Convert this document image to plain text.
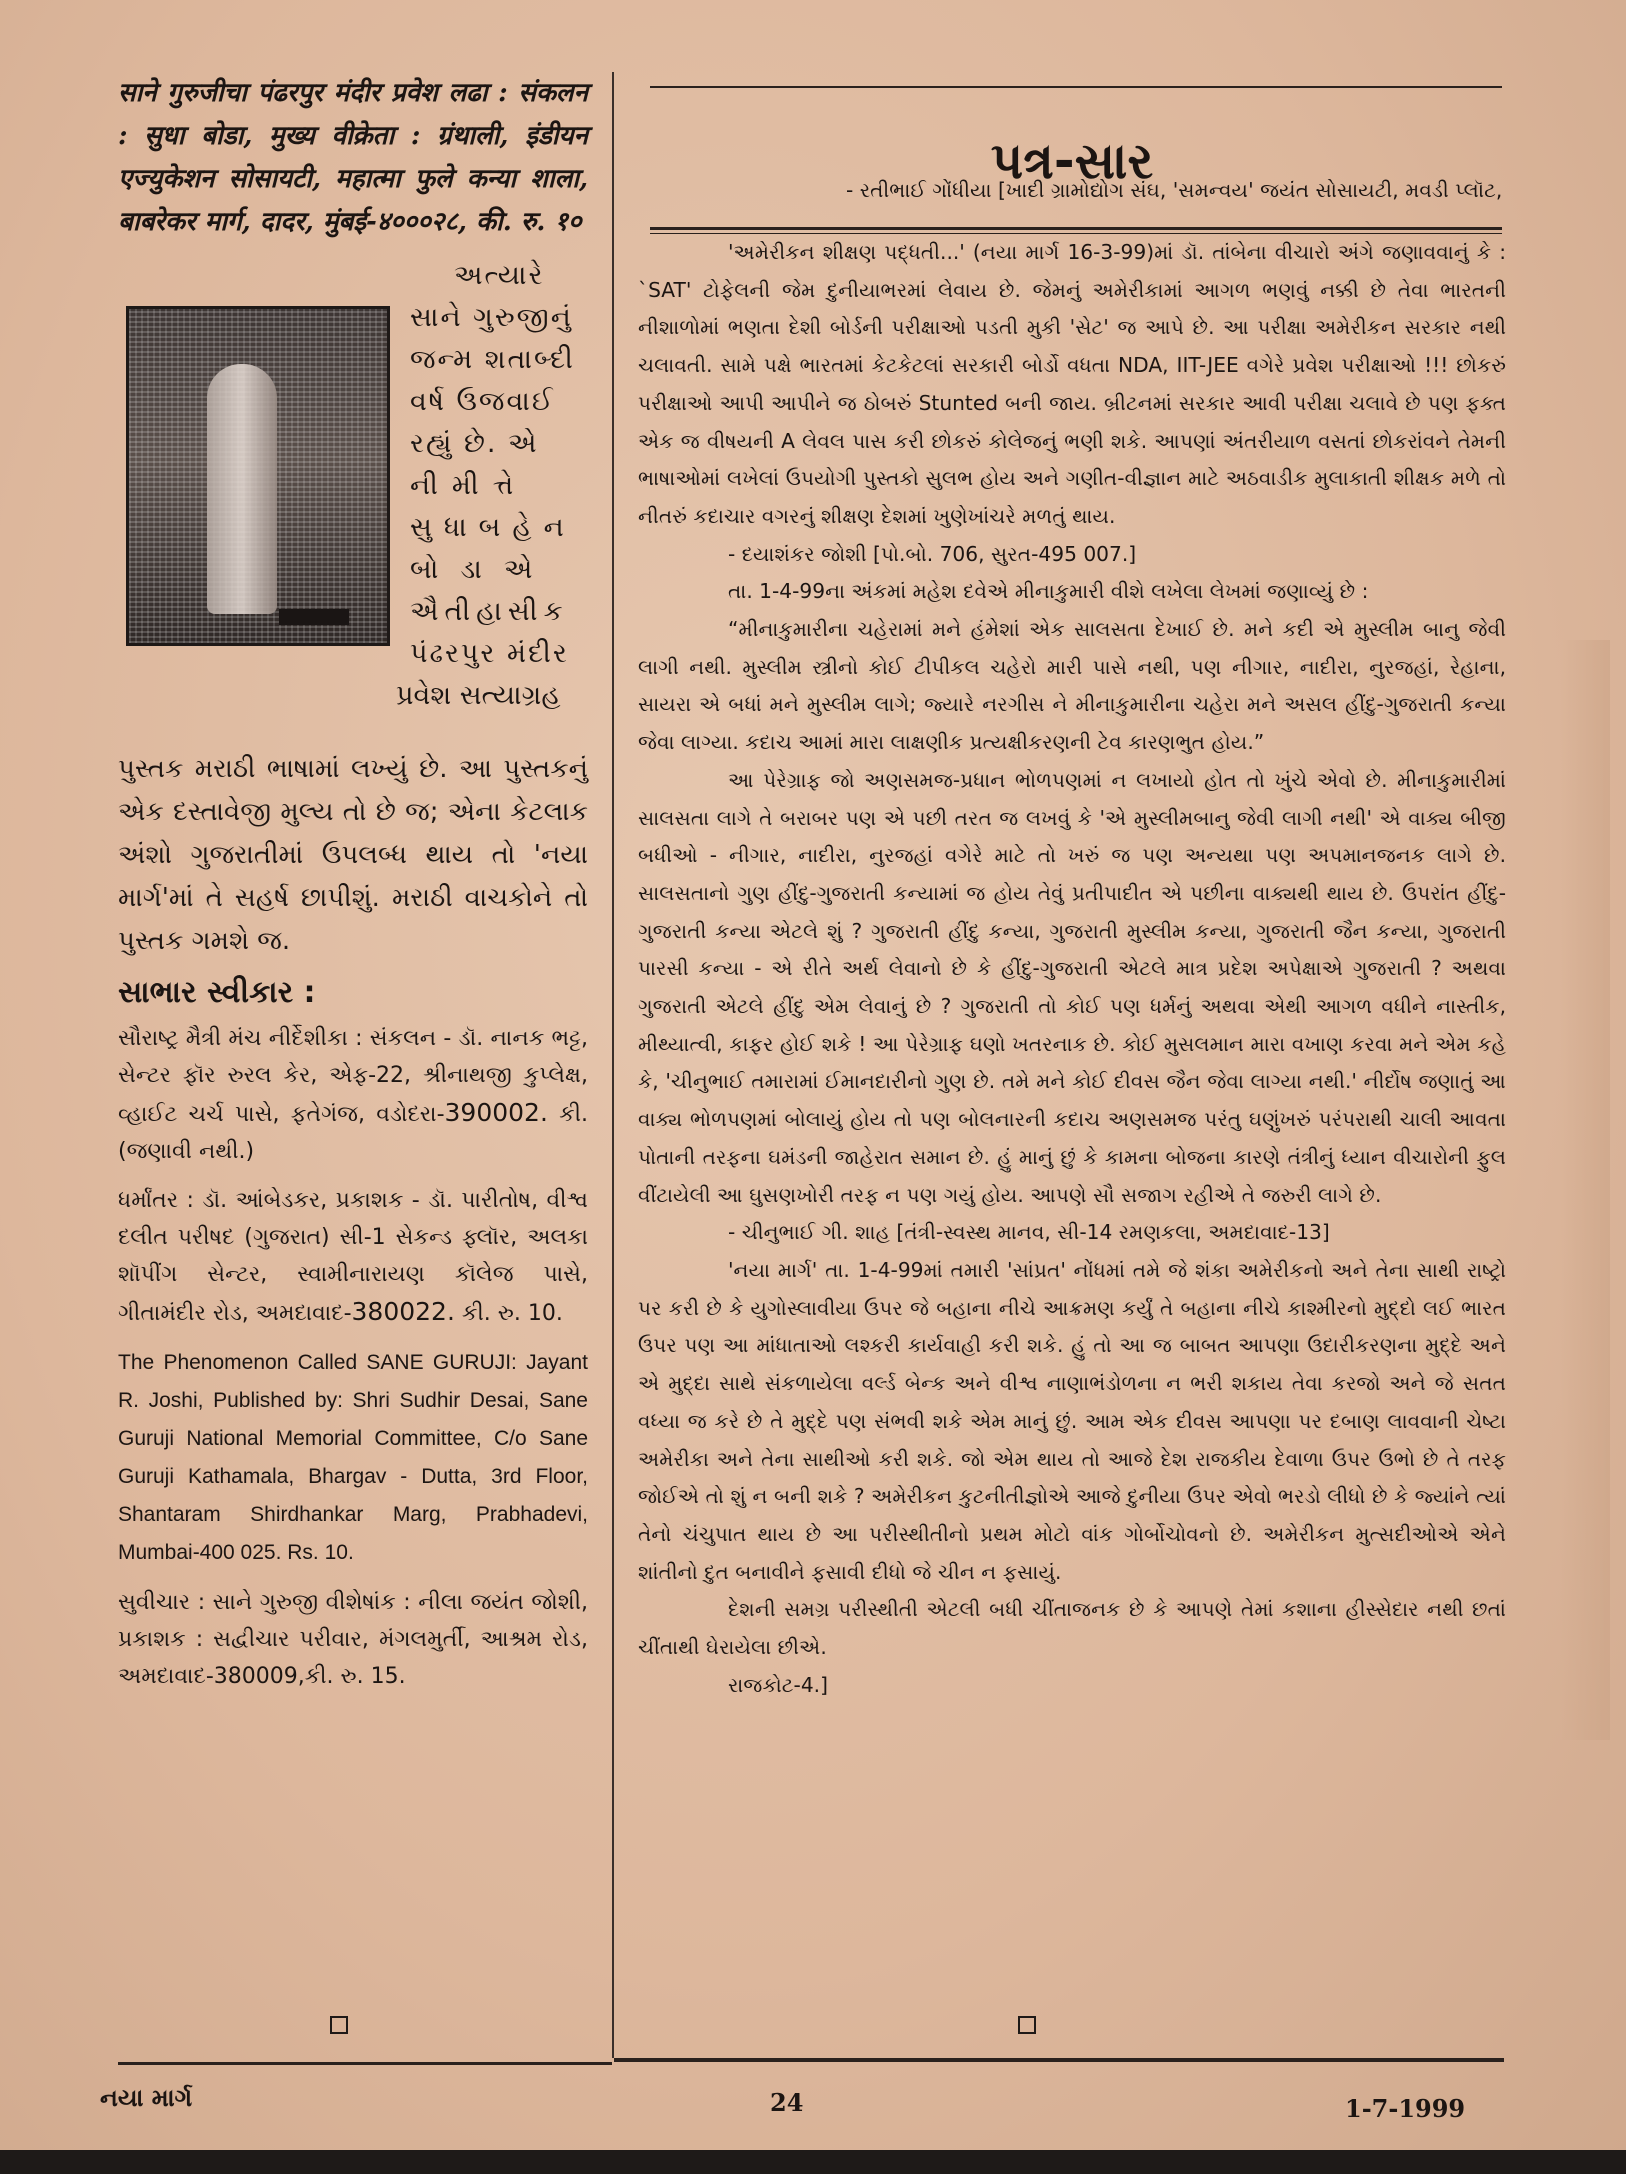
साने गुरुजीचा पंढरपुर मंदीर प्रवेश लढा : संकलन : सुधा बोडा, मुख्य वीक्रेता : ग्रंथाली, इंडीयन एज्युकेशन सोसायटी, महात्मा फुले कन्या शाला, बाबरेकर मार्ग, दादर, मुंबई-४०००२८, की. रु. १०

અત્યારે
સાને ગુરુજીનું
જન્મ શતાબ્દી
વર્ષ ઉજવાઈ
રહ્યું છે. એ
નીમીત્તે
સુધાબહેન
બોડાએ
ઐતીહાસીક
પંઢરપુર મંદીર
પ્રવેશ સત્યાગ્રહ

પુસ્તક મરાઠી ભાષામાં લખ્યું છે. આ પુસ્તકનું એક દસ્તાવેજી મુલ્ય તો છે જ; એના કેટલાક અંશો ગુજરાતીમાં ઉપલબ્ધ થાય તો 'નયા માર્ગ'માં તે સહર્ષ છાપીશું. મરાઠી વાચકોને તો પુસ્તક ગમશે જ.

સાભાર સ્વીકાર :

સૌરાષ્ટ્ર મૈત્રી મંચ નીર્દેશીકા : સંકલન - ડૉ. નાનક ભટ્ટ, સેન્ટર ફૉર રુરલ કેર, એફ-22, શ્રીનાથજી કુપ્લેક્ષ, વ્હાઈટ ચર્ચ પાસે, ફતેગંજ, વડોદરા-390002. કી. (જણાવી નથી.)

ધર્માંતર : ડૉ. આંબેડકર, પ્રકાશક - ડૉ. પારીતોષ, વીશ્વ દલીત પરીષદ (ગુજરાત) સી-1 સેકન્ડ ફ્લૉર, અલકા શૉપીંગ સેન્ટર, સ્વામીનારાયણ કૉલેજ પાસે, ગીતામંદીર રોડ, અમદાવાદ-380022. કી. રુ. 10.

The Phenomenon Called SANE GURUJI: Jayant R. Joshi, Published by: Shri Sudhir Desai, Sane Guruji National Memorial Committee, C/o Sane Guruji Kathamala, Bhargav - Dutta, 3rd Floor, Shantaram Shirdhankar Marg, Prabhadevi, Mumbai-400 025. Rs. 10.

સુવીચાર : સાને ગુરુજી વીશેષાંક : નીલા જયંત જોશી, પ્રકાશક : સદ્વીચાર પરીવાર, મંગલમુર્તી, આશ્રમ રોડ, અમદાવાદ-380009,કી. રુ. 15.

પત્ર-સાર

'અમેરીકન શીક્ષણ પદ્ધતી...' (નયા માર્ગ 16-3-99)માં ડૉ. તાંબેના વીચારો અંગે જણાવવાનું કે : `SAT' ટોફેલની જેમ દુનીયાભરમાં લેવાય છે. જેમનું અમેરીકામાં આગળ ભણવું નક્કી છે તેવા ભારતની નીશાળોમાં ભણતા દેશી બોર્ડની પરીક્ષાઓ પડતી મુકી 'સેટ' જ આપે છે. આ પરીક્ષા અમેરીકન સરકાર નથી ચલાવતી. સામે પક્ષે ભારતમાં કેટકેટલાં સરકારી બોર્ડો વધતા NDA, IIT-JEE વગેરે પ્રવેશ પરીક્ષાઓ !!! છોકરું પરીક્ષાઓ આપી આપીને જ ઠોબરું Stunted બની જાય. બ્રીટનમાં સરકાર આવી પરીક્ષા ચલાવે છે પણ ફક્ત એક જ વીષયની A લેવલ પાસ કરી છોકરું કોલેજનું ભણી શકે. આપણાં અંતરીયાળ વસતાં છોકરાંવને તેમની ભાષાઓમાં લખેલાં ઉપયોગી પુસ્તકો સુલભ હોય અને ગણીત-વીજ્ઞાન માટે અઠવાડીક મુલાકાતી શીક્ષક મળે તો નીતરું કદાચાર વગરનું શીક્ષણ દેશમાં ખુણેખાંચરે મળતું થાય.

- દયાશંકર જોશી [પો.બો. 706, સુરત-495 007.]

તા. 1-4-99ના અંકમાં મહેશ દવેએ મીનાકુમારી વીશે લખેલા લેખમાં જણાવ્યું છે :

“મીનાકુમારીના ચહેરામાં મને હંમેશાં એક સાલસતા દેખાઈ છે. મને કદી એ મુસ્લીમ બાનુ જેવી લાગી નથી. મુસ્લીમ સ્ત્રીનો કોઈ ટીપીકલ ચહેરો મારી પાસે નથી, પણ નીગાર, નાદીરા, નુરજહાં, રેહાના, સાયરા એ બધાં મને મુસ્લીમ લાગે; જ્યારે નરગીસ ને મીનાકુમારીના ચહેરા મને અસલ હીંદુ-ગુજરાતી કન્યા જેવા લાગ્યા. કદાચ આમાં મારા લાક્ષણીક પ્રત્યક્ષીકરણની ટેવ કારણભુત હોય.”

આ પેરેગ્રાફ જો અણસમજ-પ્રધાન ભોળપણમાં ન લખાયો હોત તો ખુંચે એવો છે. મીનાકુમારીમાં સાલસતા લાગે તે બરાબર પણ એ પછી તરત જ લખવું કે 'એ મુસ્લીમબાનુ જેવી લાગી નથી' એ વાક્ય બીજી બધીઓ - નીગાર, નાદીરા, નુરજહાં વગેરે માટે તો ખરું જ પણ અન્યથા પણ અપમાનજનક લાગે છે. સાલસતાનો ગુણ હીંદુ-ગુજરાતી કન્યામાં જ હોય તેવું પ્રતીપાદીત એ પછીના વાક્યથી થાય છે. ઉપરાંત હીંદુ-ગુજરાતી કન્યા એટલે શું ? ગુજરાતી હીંદુ કન્યા, ગુજરાતી મુસ્લીમ કન્યા, ગુજરાતી જૈન કન્યા, ગુજરાતી પારસી કન્યા - એ રીતે અર્થ લેવાનો છે કે હીંદુ-ગુજરાતી એટલે માત્ર પ્રદેશ અપેક્ષાએ ગુજરાતી ? અથવા ગુજરાતી એટલે હીંદુ એમ લેવાનું છે ? ગુજરાતી તો કોઈ પણ ધર્મનું અથવા એથી આગળ વધીને નાસ્તીક, મીથ્યાત્વી, કાફર હોઈ શકે ! આ પેરેગ્રાફ ઘણો ખતરનાક છે. કોઈ મુસલમાન મારા વખાણ કરવા મને એમ કહે કે, 'ચીનુભાઈ તમારામાં ઈમાનદારીનો ગુણ છે. તમે મને કોઈ દીવસ જૈન જેવા લાગ્યા નથી.' નીર્દોષ જણાતું આ વાક્ય ભોળપણમાં બોલાયું હોય તો પણ બોલનારની કદાચ અણસમજ પરંતુ ઘણુંખરું પરંપરાથી ચાલી આવતા પોતાની તરફના ઘમંડની જાહેરાત સમાન છે. હું માનું છું કે કામના બોજના કારણે તંત્રીનું ધ્યાન વીચારોની ફુલ વીંટાયેલી આ ઘુસણખોરી તરફ ન પણ ગયું હોય. આપણે સૌ સજાગ રહીએ તે જરુરી લાગે છે.

- ચીનુભાઈ ગી. શાહ [તંત્રી-સ્વસ્થ માનવ, સી-14 રમણકલા, અમદાવાદ-13]

'નયા માર્ગ' તા. 1-4-99માં તમારી 'સાંપ્રત' નોંધમાં તમે જે શંકા અમેરીકનો અને તેના સાથી રાષ્ટ્રો પર કરી છે કે યુગોસ્લાવીયા ઉપર જે બહાના નીચે આક્રમણ કર્યું તે બહાના નીચે કાશ્મીરનો મુદ્દો લઈ ભારત ઉપર પણ આ માંધાતાઓ લશ્કરી કાર્યવાહી કરી શકે. હું તો આ જ બાબત આપણા ઉદારીકરણના મુદ્દે અને એ મુદ્દા સાથે સંકળાયેલા વર્લ્ડ બેન્ક અને વીશ્વ નાણાભંડોળના ન ભરી શકાય તેવા કરજો અને જે સતત વધ્યા જ કરે છે તે મુદ્દે પણ સંભવી શકે એમ માનું છું. આમ એક દીવસ આપણા પર દબાણ લાવવાની ચેષ્ટા અમેરીકા અને તેના સાથીઓ કરી શકે. જો એમ થાય તો આજે દેશ રાજકીય દેવાળા ઉપર ઉભો છે તે તરફ જોઈએ તો શું ન બની શકે ? અમેરીકન કુટનીતીજ્ઞોએ આજે દુનીયા ઉપર એવો ભરડો લીધો છે કે જ્યાંને ત્યાં તેનો ચંચુપાત થાય છે આ પરીસ્થીતીનો પ્રથમ મોટો વાંક ગોર્બોચોવનો છે. અમેરીકન મુત્સદીઓએ એને શાંતીનો દુત બનાવીને ફસાવી દીધો જે ચીન ન ફસાયું.

દેશની સમગ્ર પરીસ્થીતી એટલી બધી ચીંતાજનક છે કે આપણે તેમાં કશાના હીસ્સેદાર નથી છતાં ચીંતાથી ઘેરાયેલા છીએ.

- રતીભાઈ ગોંધીયા [ખાદી ગ્રામોદ્યોગ સંઘ, 'સમન્વય' જયંત સોસાયટી, મવડી પ્લૉટ,

રાજકોટ-4.]

નયા માર્ગ	24	1-7-1999
